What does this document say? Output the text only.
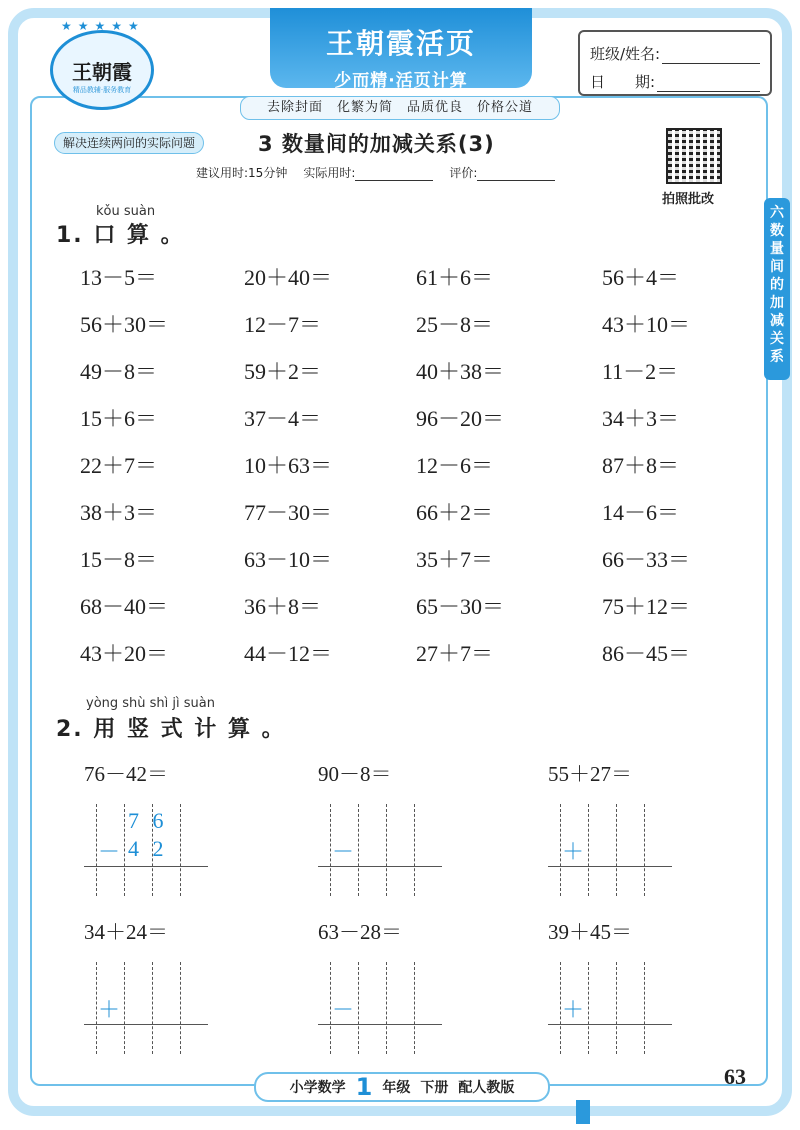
★★★★★
王朝霞
精品教辅·服务教育
王朝霞活页
少而精·活页计算
班级/姓名:
日　　期:
去除封面　化繁为简　品质优良　价格公道
解决连续两问的实际问题	3 数量间的加减关系(3)
建议用时:15分钟 实际用时:	评价:
拍照批改
六
数
量
间
的
加
减
关
系
kǒu suàn
1. 口 算 。
13－5＝	20＋40＝	61＋6＝	56＋4＝
56＋30＝	12－7＝	25－8＝	43＋10＝
49－8＝	59＋2＝	40＋38＝	11－2＝
15＋6＝	37－4＝	96－20＝	34＋3＝
22＋7＝	10＋63＝	12－6＝	87＋8＝
38＋3＝	77－30＝	66＋2＝	14－6＝
15－8＝	63－10＝	35＋7＝	66－33＝
68－40＝	36＋8＝	65－30＝	75＋12＝
43＋20＝	44－12＝	27＋7＝	86－45＝
yòng shù shì jì suàn
2. 用 竖 式 计 算 。
76－42＝
－
7 6
4 2
90－8＝
－
55＋27＝
＋
34＋24＝
＋
63－28＝
－
39＋45＝
＋
小学数学 1 年级 下册 配人教版	63
